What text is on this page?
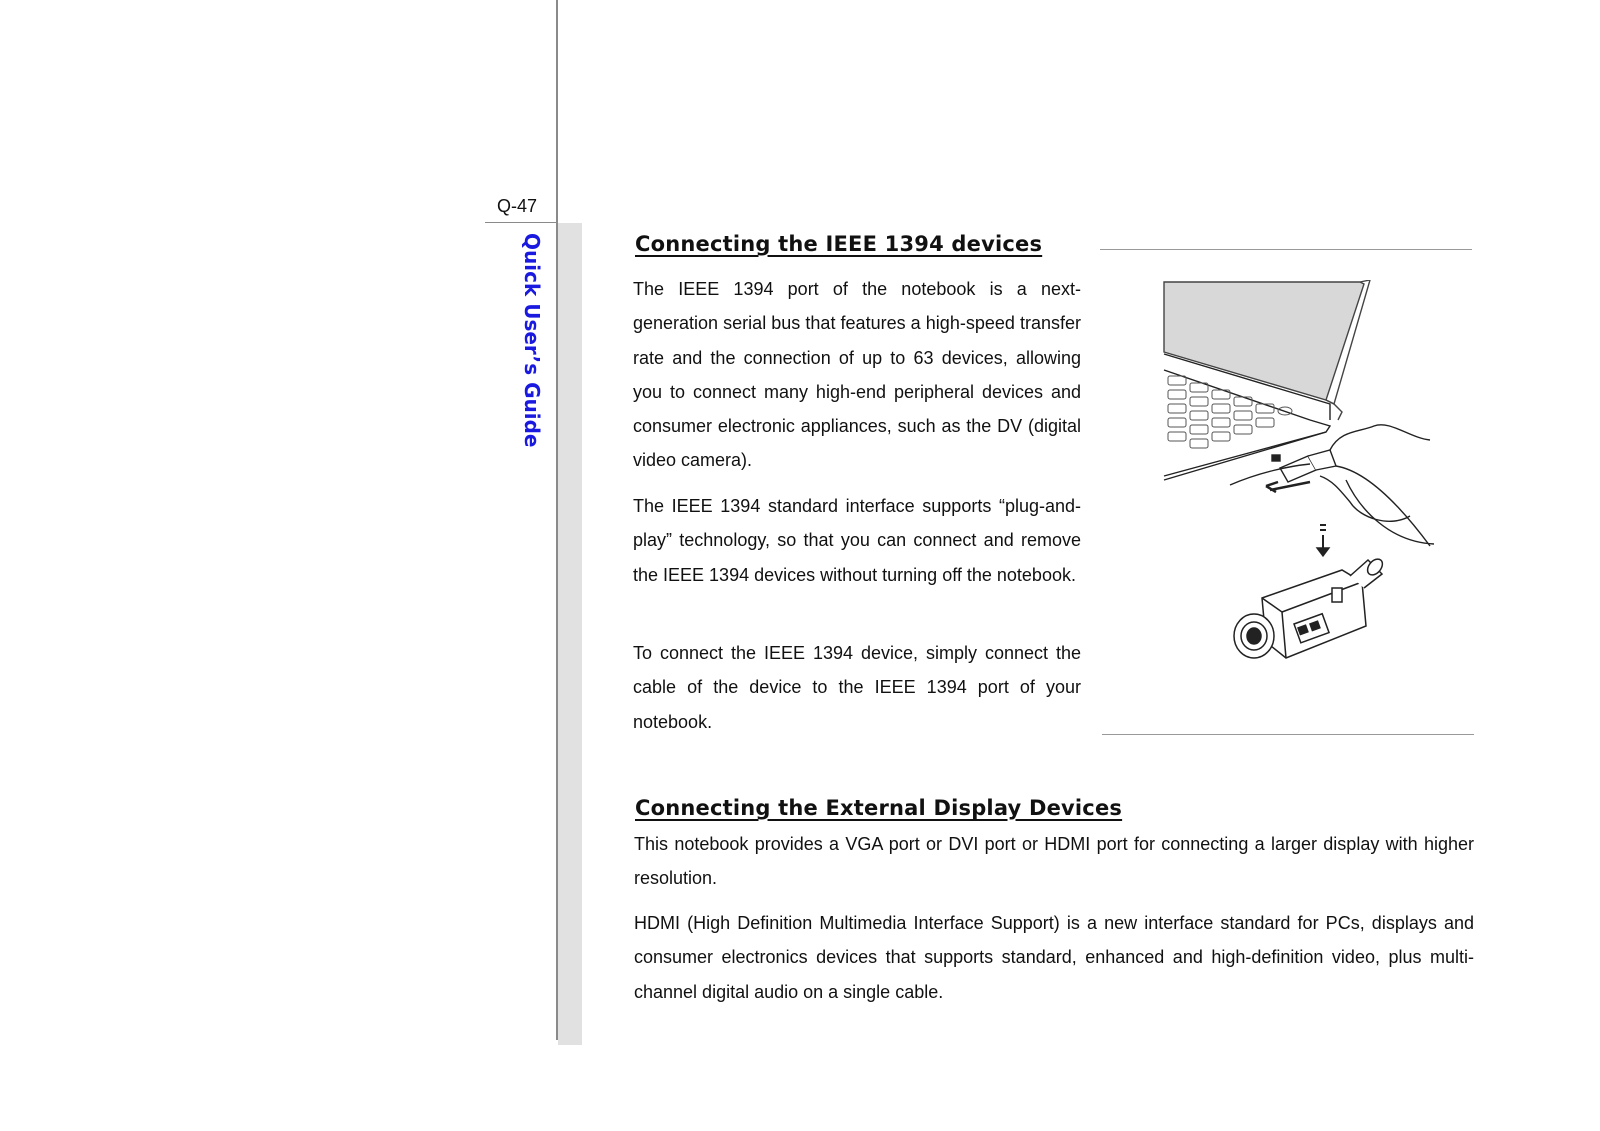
Q-47
Quick User’s Guide	Connecting the IEEE 1394 devices

The IEEE 1394 port of the notebook is a next-generation serial bus that features a high-speed transfer rate and the connection of up to 63 devices, allowing you to connect many high-end peripheral devices and consumer electronic appliances, such as the DV (digital video camera).

The IEEE 1394 standard interface supports “plug-and-play” technology, so that you can connect and remove the IEEE 1394 devices without turning off the notebook.

To connect the IEEE 1394 device, simply connect the cable of the device to the IEEE 1394 port of your notebook.

Connecting the External Display Devices

This notebook provides a VGA port or DVI port or HDMI port for connecting a larger display with higher resolution.

HDMI (High Definition Multimedia Interface Support) is a new interface standard for PCs, displays and consumer electronics devices that supports standard, enhanced and high-definition video, plus multi-channel digital audio on a single cable.
